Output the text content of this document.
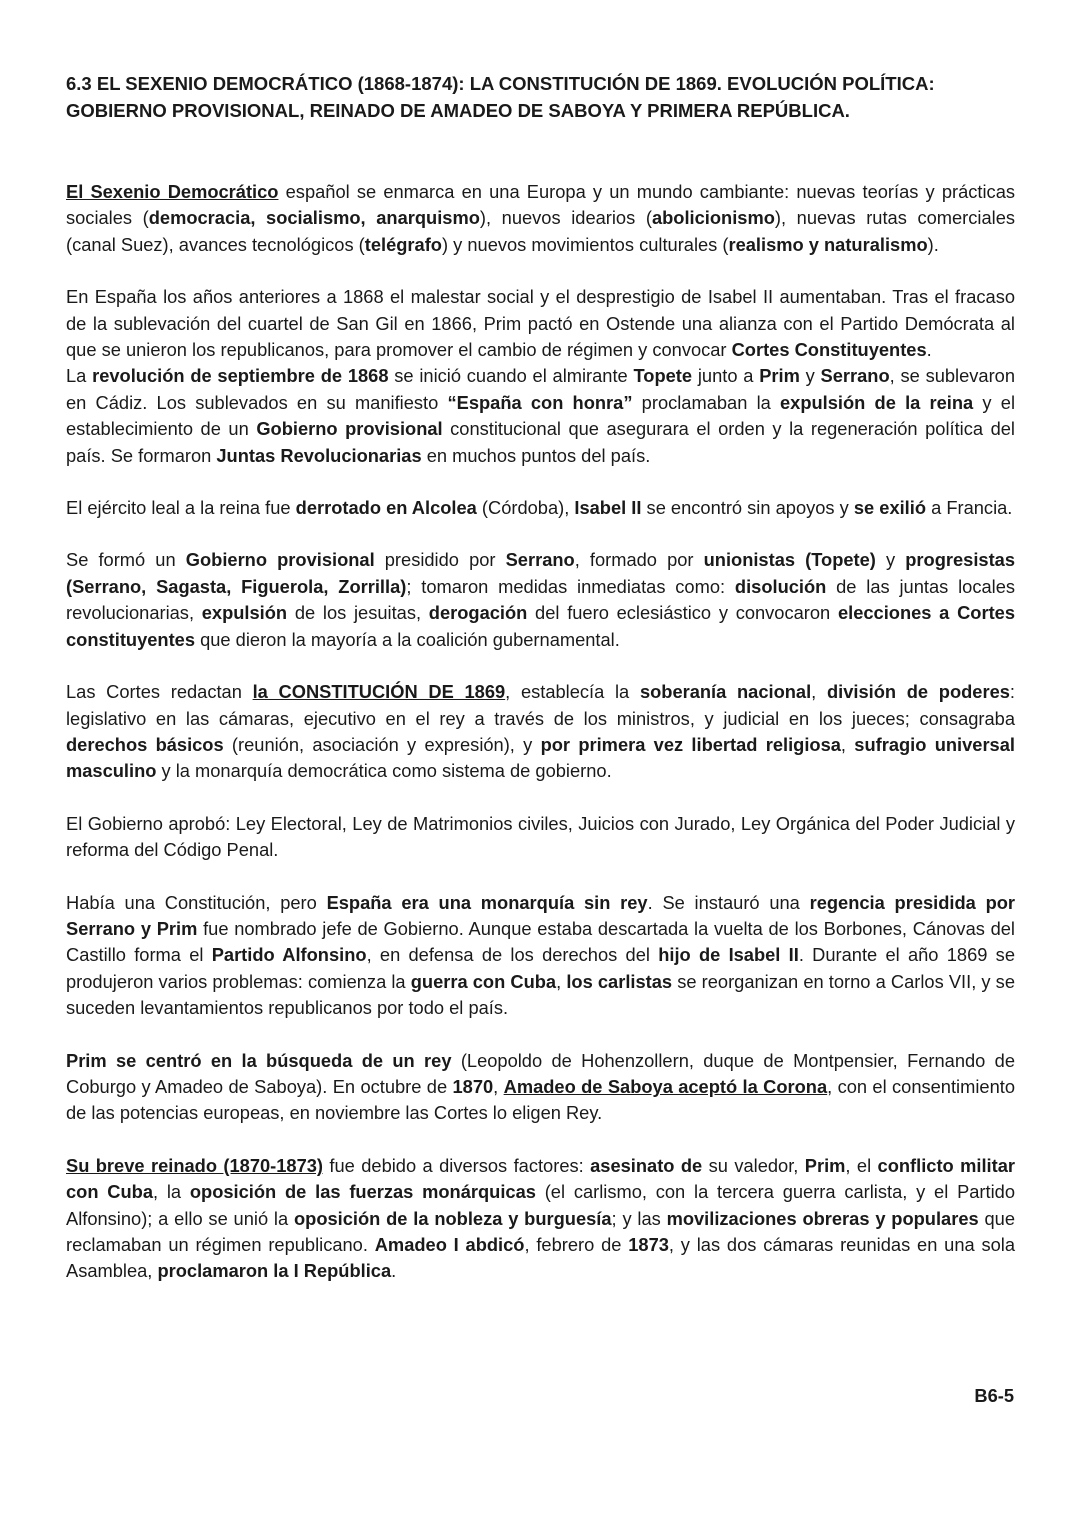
6.3 EL SEXENIO DEMOCRÁTICO (1868-1874): LA CONSTITUCIÓN DE 1869. EVOLUCIÓN POLÍTICA: GOBIERNO PROVISIONAL, REINADO DE AMADEO DE SABOYA Y PRIMERA REPÚBLICA.

El Sexenio Democrático español se enmarca en una Europa y un mundo cambiante: nuevas teorías y prácticas sociales (democracia, socialismo, anarquismo), nuevos idearios (abolicionismo), nuevas rutas comerciales (canal Suez), avances tecnológicos (telégrafo) y nuevos movimientos culturales (realismo y naturalismo).

En España los años anteriores a 1868 el malestar social y el desprestigio de Isabel II aumentaban. Tras el fracaso de la sublevación del cuartel de San Gil en 1866, Prim pactó en Ostende una alianza con el Partido Demócrata al que se unieron los republicanos, para promover el cambio de régimen y convocar Cortes Constituyentes.

La revolución de septiembre de 1868 se inició cuando el almirante Topete junto a Prim y Serrano, se sublevaron en Cádiz. Los sublevados en su manifiesto “España con honra” proclamaban la expulsión de la reina y el establecimiento de un Gobierno provisional constitucional que asegurara el orden y la regeneración política del país. Se formaron Juntas Revolucionarias en muchos puntos del país.

El ejército leal a la reina fue derrotado en Alcolea (Córdoba), Isabel II se encontró sin apoyos y se exilió a Francia.

Se formó un Gobierno provisional presidido por Serrano, formado por unionistas (Topete) y progresistas (Serrano, Sagasta, Figuerola, Zorrilla); tomaron medidas inmediatas como: disolución de las juntas locales revolucionarias, expulsión de los jesuitas, derogación del fuero eclesiástico y convocaron elecciones a Cortes constituyentes que dieron la mayoría a la coalición gubernamental.

Las Cortes redactan la CONSTITUCIÓN DE 1869, establecía la soberanía nacional, división de poderes: legislativo en las cámaras, ejecutivo en el rey a través de los ministros, y judicial en los jueces; consagraba derechos básicos (reunión, asociación y expresión), y por primera vez libertad religiosa, sufragio universal masculino y la monarquía democrática como sistema de gobierno.

El Gobierno aprobó: Ley Electoral, Ley de Matrimonios civiles, Juicios con Jurado, Ley Orgánica del Poder Judicial y reforma del Código Penal.

Había una Constitución, pero España era una monarquía sin rey. Se instauró una regencia presidida por Serrano y Prim fue nombrado jefe de Gobierno. Aunque estaba descartada la vuelta de los Borbones, Cánovas del Castillo forma el Partido Alfonsino, en defensa de los derechos del hijo de Isabel II. Durante el año 1869 se produjeron varios problemas: comienza la guerra con Cuba, los carlistas se reorganizan en torno a Carlos VII, y se suceden levantamientos republicanos por todo el país.

Prim se centró en la búsqueda de un rey (Leopoldo de Hohenzollern, duque de Montpensier, Fernando de Coburgo y Amadeo de Saboya). En octubre de 1870, Amadeo de Saboya aceptó la Corona, con el consentimiento de las potencias europeas, en noviembre las Cortes lo eligen Rey.

Su breve reinado (1870-1873) fue debido a diversos factores: asesinato de su valedor, Prim, el conflicto militar con Cuba, la oposición de las fuerzas monárquicas (el carlismo, con la tercera guerra carlista, y el Partido Alfonsino); a ello se unió la oposición de la nobleza y burguesía; y las movilizaciones obreras y populares que reclamaban un régimen republicano. Amadeo I abdicó, febrero de 1873, y las dos cámaras reunidas en una sola Asamblea, proclamaron la I República.

B6-5
